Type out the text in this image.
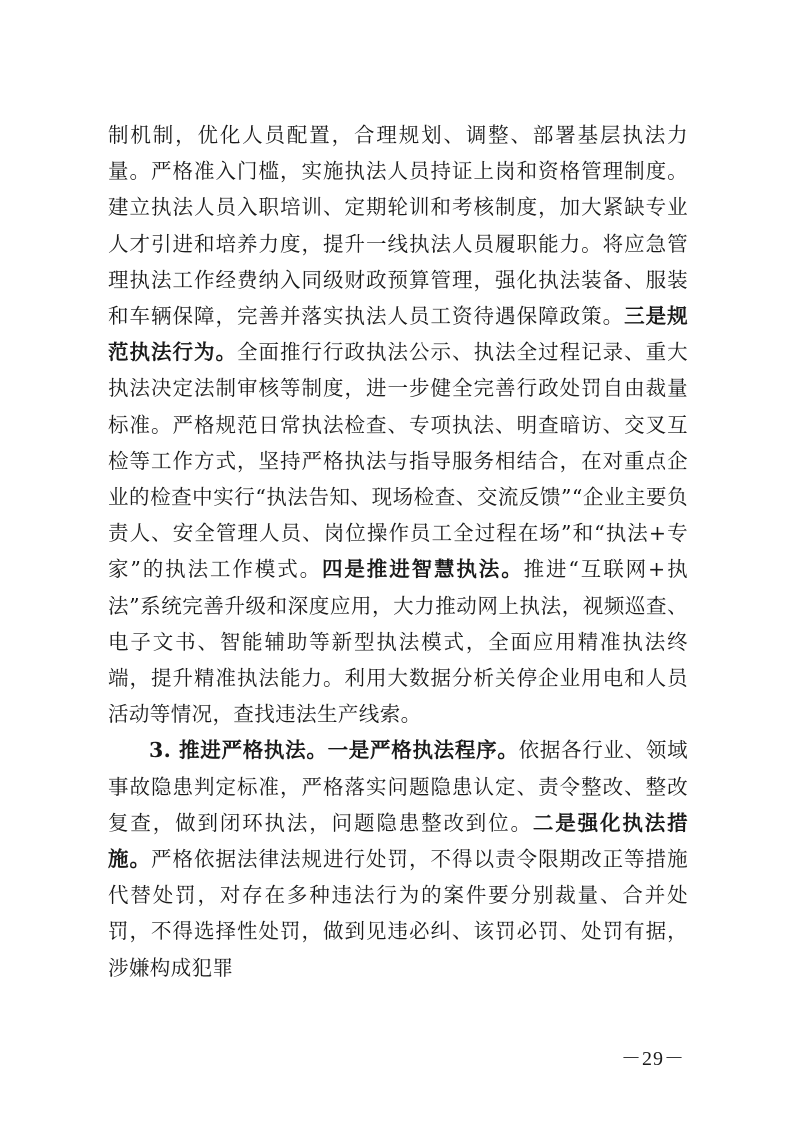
制机制，优化人员配置，合理规划、调整、部署基层执法力量。严格准入门槛，实施执法人员持证上岗和资格管理制度。建立执法人员入职培训、定期轮训和考核制度，加大紧缺专业人才引进和培养力度，提升一线执法人员履职能力。将应急管理执法工作经费纳入同级财政预算管理，强化执法装备、服装和车辆保障，完善并落实执法人员工资待遇保障政策。三是规范执法行为。全面推行行政执法公示、执法全过程记录、重大执法决定法制审核等制度，进一步健全完善行政处罚自由裁量标准。严格规范日常执法检查、专项执法、明查暗访、交叉互检等工作方式，坚持严格执法与指导服务相结合，在对重点企业的检查中实行“执法告知、现场检查、交流反馈”“企业主要负责人、安全管理人员、岗位操作员工全过程在场”和“执法+专家”的执法工作模式。四是推进智慧执法。推进“互联网+执法”系统完善升级和深度应用，大力推动网上执法，视频巡查、电子文书、智能辅助等新型执法模式，全面应用精准执法终端，提升精准执法能力。利用大数据分析关停企业用电和人员活动等情况，查找违法生产线索。

3. 推进严格执法。一是严格执法程序。依据各行业、领域事故隐患判定标准，严格落实问题隐患认定、责令整改、整改复查，做到闭环执法，问题隐患整改到位。二是强化执法措施。严格依据法律法规进行处罚，不得以责令限期改正等措施代替处罚，对存在多种违法行为的案件要分别裁量、合并处罚，不得选择性处罚，做到见违必纠、该罚必罚、处罚有据，涉嫌构成犯罪

－29－
